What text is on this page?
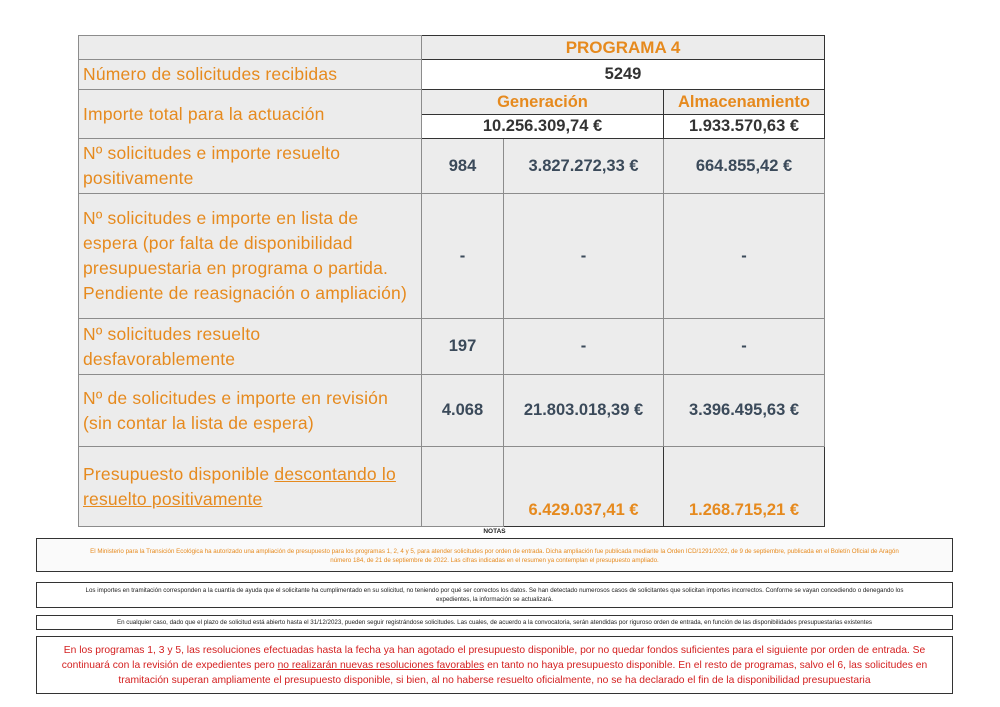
	PROGRAMA 4		
Número de solicitudes recibidas	5249		
Importe total para la actuación	Generación		Almacenamiento
	10.256.309,74 €		1.933.570,63 €
Nº solicitudes e importe resuelto positivamente	984	3.827.272,33 €	664.855,42 €
Nº solicitudes e importe en lista de espera (por falta de disponibilidad presupuestaria en programa o partida. Pendiente de reasignación o ampliación)	-	-	-
Nº solicitudes resuelto desfavorablemente	197	-	-
Nº de solicitudes e importe en revisión (sin contar la lista de espera)	4.068	21.803.018,39 €	3.396.495,63 €
Presupuesto disponible descontando lo resuelto positivamente		6.429.037,41 €	1.268.715,21 €
NOTAS
El Ministerio para la Transición Ecológica ha autorizado una ampliación de presupuesto para los programas 1, 2, 4 y 5, para atender solicitudes por orden de entrada. Dicha ampliación fue publicada mediante la Orden ICD/1291/2022, de 9 de septiembre, publicada en el Boletín Oficial de Aragón número 184, de 21 de septiembre de 2022. Las cifras indicadas en el resumen ya contemplan el presupuesto ampliado.
Los importes en tramitación corresponden a la cuantía de ayuda que el solicitante ha cumplimentado en su solicitud, no teniendo por qué ser correctos los datos. Se han detectado numerosos casos de solicitantes que solicitan importes incorrectos. Conforme se vayan concediendo o denegando los expedientes, la información se actualizará.
En cualquier caso, dado que el plazo de solicitud está abierto hasta el 31/12/2023, pueden seguir registrándose solicitudes. Las cuales, de acuerdo a la convocatoria, serán atendidas por riguroso orden de entrada, en función de las disponibilidades presupuestarias existentes
En los programas 1, 3 y 5, las resoluciones efectuadas hasta la fecha ya han agotado el presupuesto disponible, por no quedar fondos suficientes para el siguiente por orden de entrada. Se continuará con la revisión de expedientes pero no realizarán nuevas resoluciones favorables en tanto no haya presupuesto disponible. En el resto de programas, salvo el 6, las solicitudes en tramitación superan ampliamente el presupuesto disponible, si bien, al no haberse resuelto oficialmente, no se ha declarado el fin de la disponibilidad presupuestaria
